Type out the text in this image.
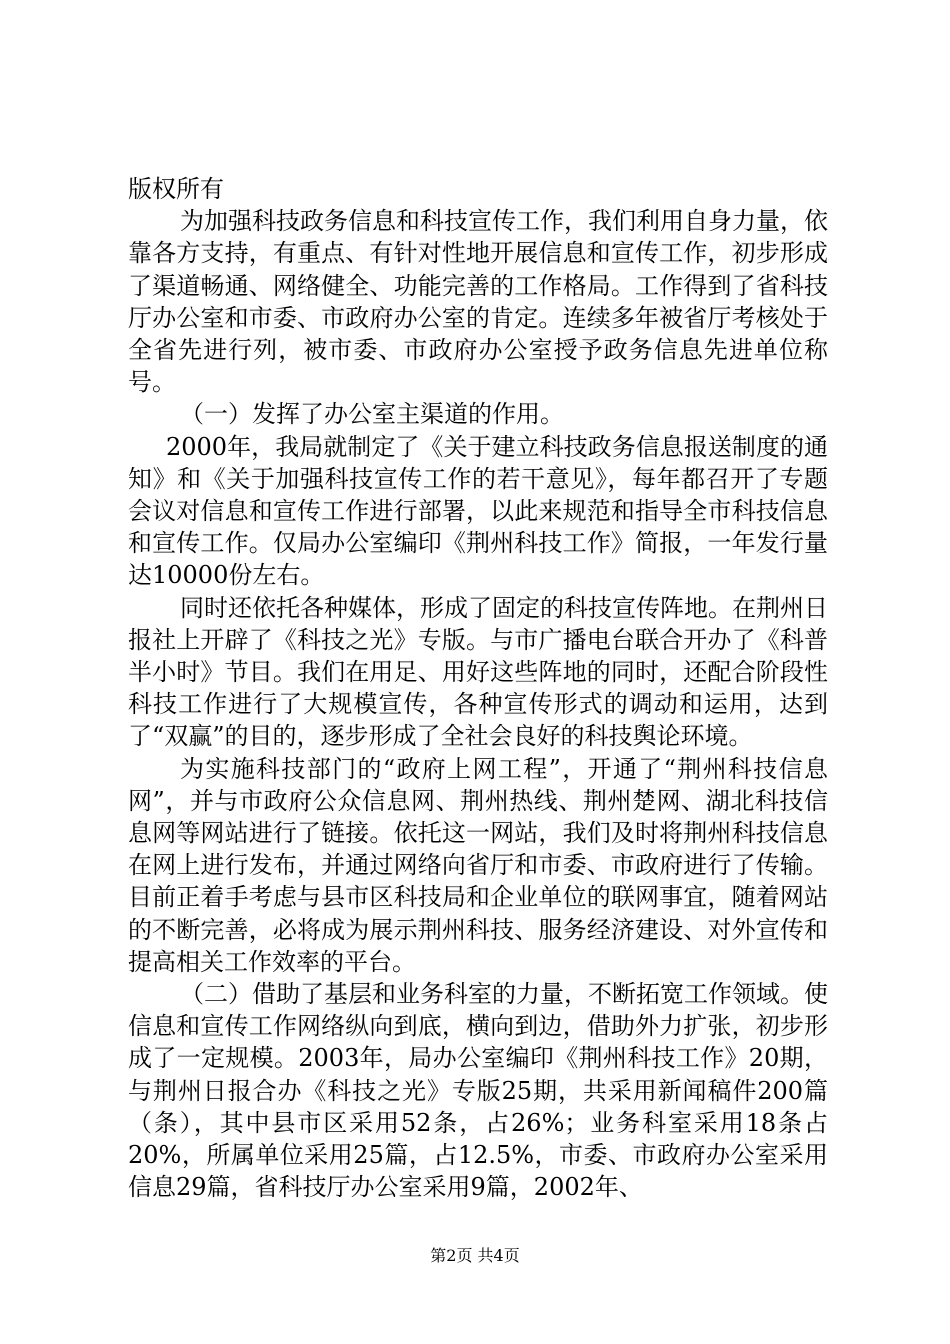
版权所有

为加强科技政务信息和科技宣传工作，我们利用自身力量，依靠各方支持，有重点、有针对性地开展信息和宣传工作，初步形成了渠道畅通、网络健全、功能完善的工作格局。工作得到了省科技厅办公室和市委、市政府办公室的肯定。连续多年被省厅考核处于全省先进行列，被市委、市政府办公室授予政务信息先进单位称号。

（一）发挥了办公室主渠道的作用。

2000年，我局就制定了《关于建立科技政务信息报送制度的通知》和《关于加强科技宣传工作的若干意见》，每年都召开了专题会议对信息和宣传工作进行部署，以此来规范和指导全市科技信息和宣传工作。仅局办公室编印《荆州科技工作》简报，一年发行量达10000份左右。

同时还依托各种媒体，形成了固定的科技宣传阵地。在荆州日报社上开辟了《科技之光》专版。与市广播电台联合开办了《科普半小时》节目。我们在用足、用好这些阵地的同时，还配合阶段性科技工作进行了大规模宣传，各种宣传形式的调动和运用，达到了“双赢”的目的，逐步形成了全社会良好的科技舆论环境。

为实施科技部门的“政府上网工程”，开通了“荆州科技信息网”，并与市政府公众信息网、荆州热线、荆州楚网、湖北科技信息网等网站进行了链接。依托这一网站，我们及时将荆州科技信息在网上进行发布，并通过网络向省厅和市委、市政府进行了传输。目前正着手考虑与县市区科技局和企业单位的联网事宜，随着网站的不断完善，必将成为展示荆州科技、服务经济建设、对外宣传和提高相关工作效率的平台。

（二）借助了基层和业务科室的力量，不断拓宽工作领域。使信息和宣传工作网络纵向到底，横向到边，借助外力扩张，初步形成了一定规模。2003年，局办公室编印《荆州科技工作》20期，与荆州日报合办《科技之光》专版25期，共采用新闻稿件200篇（条），其中县市区采用52条，占26%；业务科室采用18条占20%，所属单位采用25篇，占12.5%，市委、市政府办公室采用信息29篇，省科技厅办公室采用9篇，2002年、

第2页 共4页
